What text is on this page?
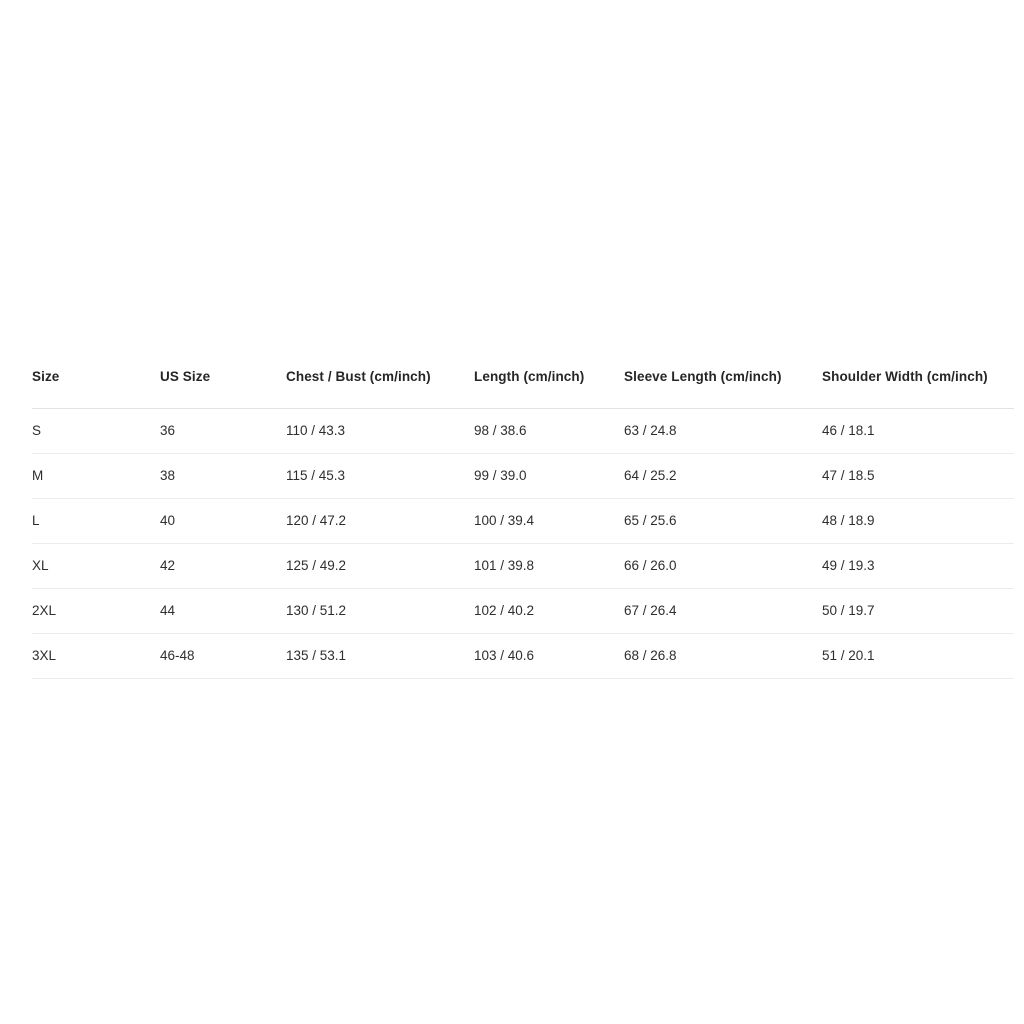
Size	US Size	Chest / Bust (cm/inch)	Length (cm/inch)	Sleeve Length (cm/inch)	Shoulder Width (cm/inch)
S	36	110 / 43.3	98 / 38.6	63 / 24.8	46 / 18.1
M	38	115 / 45.3	99 / 39.0	64 / 25.2	47 / 18.5
L	40	120 / 47.2	100 / 39.4	65 / 25.6	48 / 18.9
XL	42	125 / 49.2	101 / 39.8	66 / 26.0	49 / 19.3
2XL	44	130 / 51.2	102 / 40.2	67 / 26.4	50 / 19.7
3XL	46-48	135 / 53.1	103 / 40.6	68 / 26.8	51 / 20.1
